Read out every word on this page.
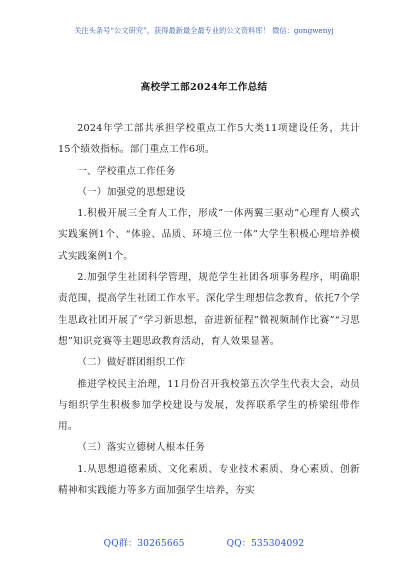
关注头条号“公文研究”，获得最新最全最专业的公文资料库！ 微信：gongwenyj
高校学工部2024年工作总结

2024年学工部共承担学校重点工作5大类11项建设任务，共计15个绩效指标。部门重点工作6项。

一、学校重点工作任务

（一）加强党的思想建设

1.积极开展三全育人工作，形成”一体两翼三驱动”心理育人模式实践案例1个、“体验、品质、环境三位一体”大学生积极心理培养模式实践案例1个。

2.加强学生社团科学管理，规范学生社团各项事务程序，明确职责范围，提高学生社团工作水平。深化学生理想信念教育，依托7个学生思政社团开展了“学习新思想，奋进新征程”微视频制作比赛”“习思想”知识竞赛等主题思政教育活动，育人效果显著。

（二）做好群团组织工作

推进学校民主治理，11月份召开我校第五次学生代表大会，动员与组织学生积极参加学校建设与发展，发挥联系学生的桥梁纽带作用。

（三）落实立德树人根本任务

1.从思想道德素质、文化素质、专业技术素质、身心素质、创新精神和实践能力等多方面加强学生培养，夯实

QQ群：30265665	QQ：535304092
